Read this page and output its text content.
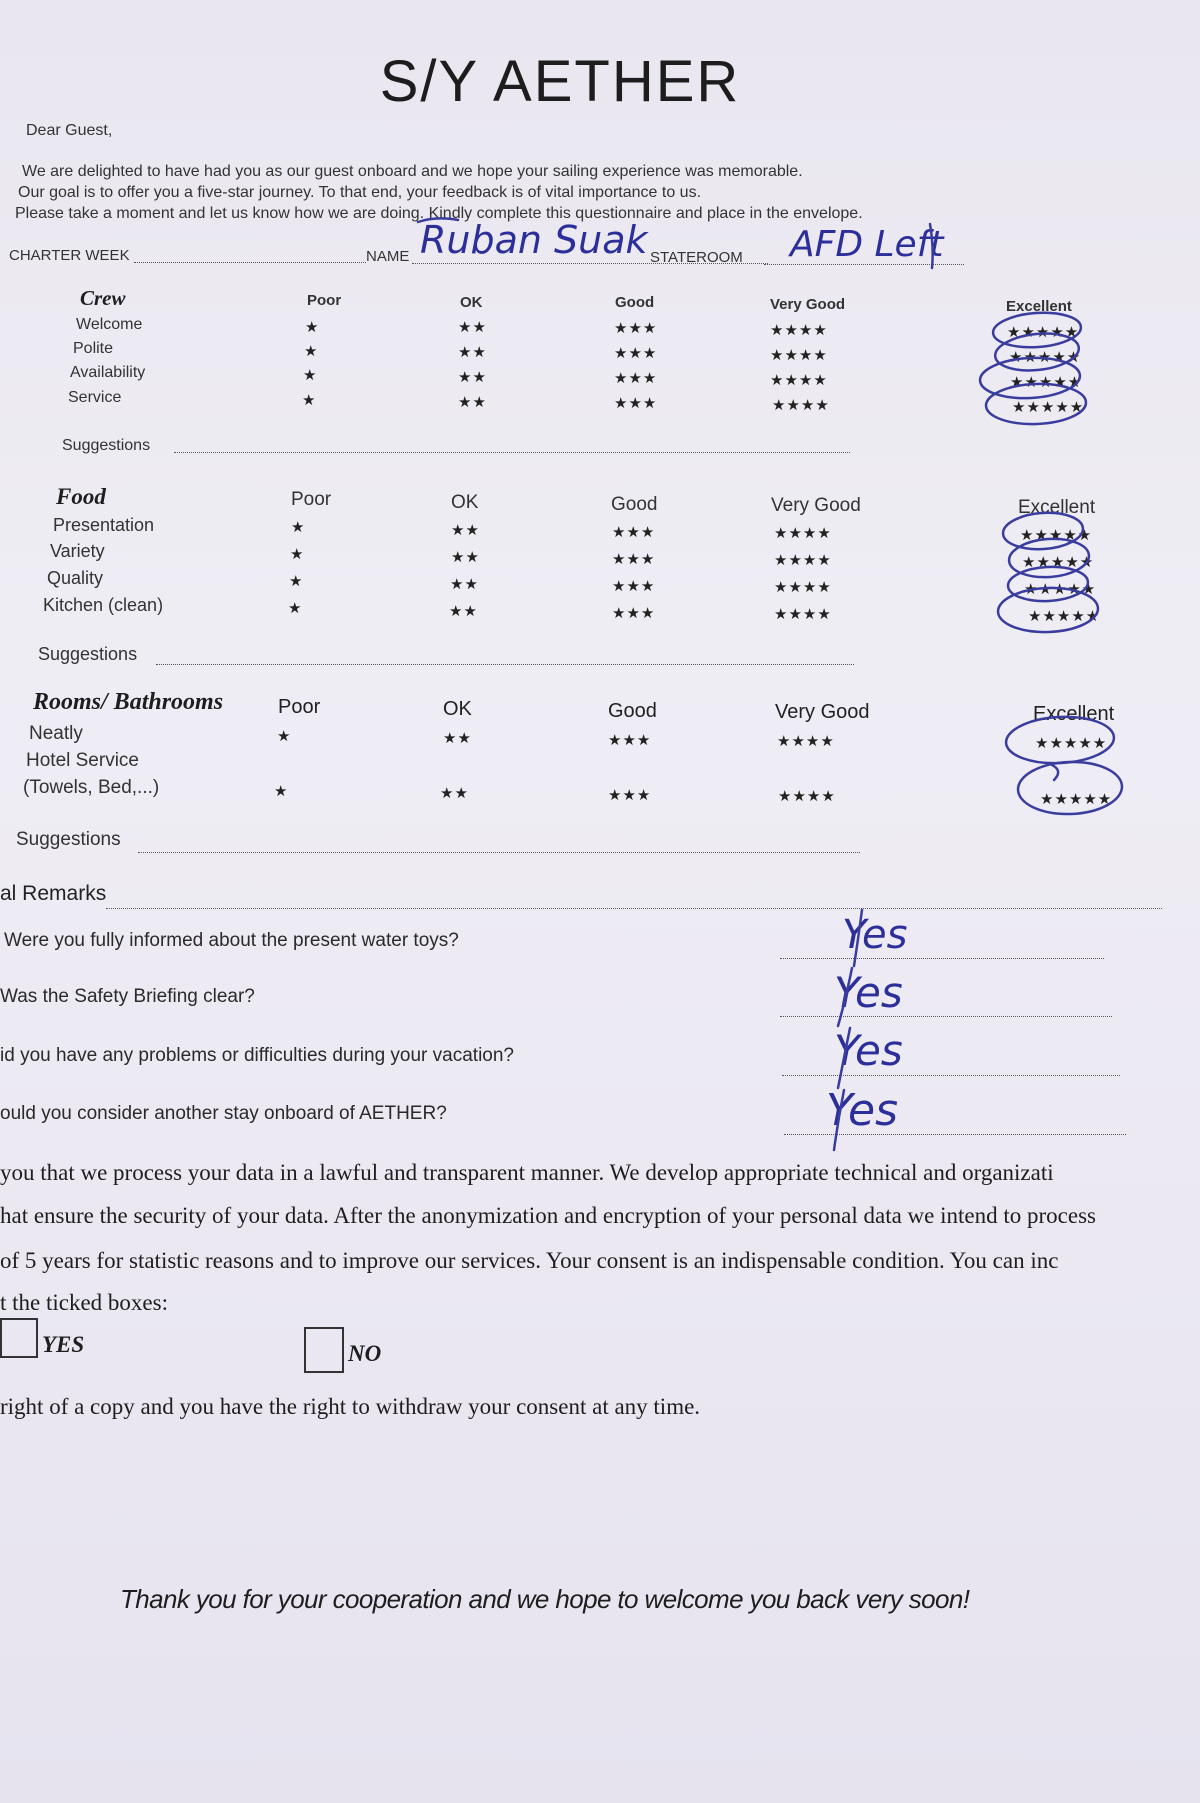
S/Y AETHER
Dear Guest,
We are delighted to have had you as our guest onboard and we hope your sailing experience was memorable.
Our goal is to offer you a five-star journey. To that end, your feedback is of vital importance to us.
Please take a moment and let us know how we are doing. Kindly complete this questionnaire and place in the envelope.
CHARTER WEEK	NAME Ruban Suak STATEROOM AFD Left
Crew	Poor	OK	Good	Very Good	Excellent
Welcome	★	★★	★★★	★★★★	★★★★★
Polite	★	★★	★★★	★★★★	★★★★★
Availability	★	★★	★★★	★★★★	★★★★★
Service	★	★★	★★★	★★★★	★★★★★
Suggestions
Food	Poor	OK	Good	Very Good	Excellent
Presentation	★	★★	★★★	★★★★	★★★★★
Variety	★	★★	★★★	★★★★	★★★★★
Quality	★	★★	★★★	★★★★	★★★★★
Kitchen (clean)	★	★★	★★★	★★★★	★★★★★
Suggestions
Rooms/ Bathrooms	Poor	OK	Good	Very Good	Excellent
Neatly	★	★★	★★★	★★★★	★★★★★
Hotel Service
(Towels, Bed,...)	★	★★	★★★	★★★★	★★★★★
Suggestions
al Remarks
Were you fully informed about the present water toys?	Yes
Was the Safety Briefing clear?	Yes
id you have any problems or difficulties during your vacation?	Yes
ould you consider another stay onboard of AETHER?	Yes
you that we process your data in a lawful and transparent manner. We develop appropriate technical and organizati
hat ensure the security of your data. After the anonymization and encryption of your personal data we intend to process
of 5 years for statistic reasons and to improve our services. Your consent is an indispensable condition. You can inc
t the ticked boxes:
YES	NO
right of a copy and you have the right to withdraw your consent at any time.
Thank you for your cooperation and we hope to welcome you back very soon!
